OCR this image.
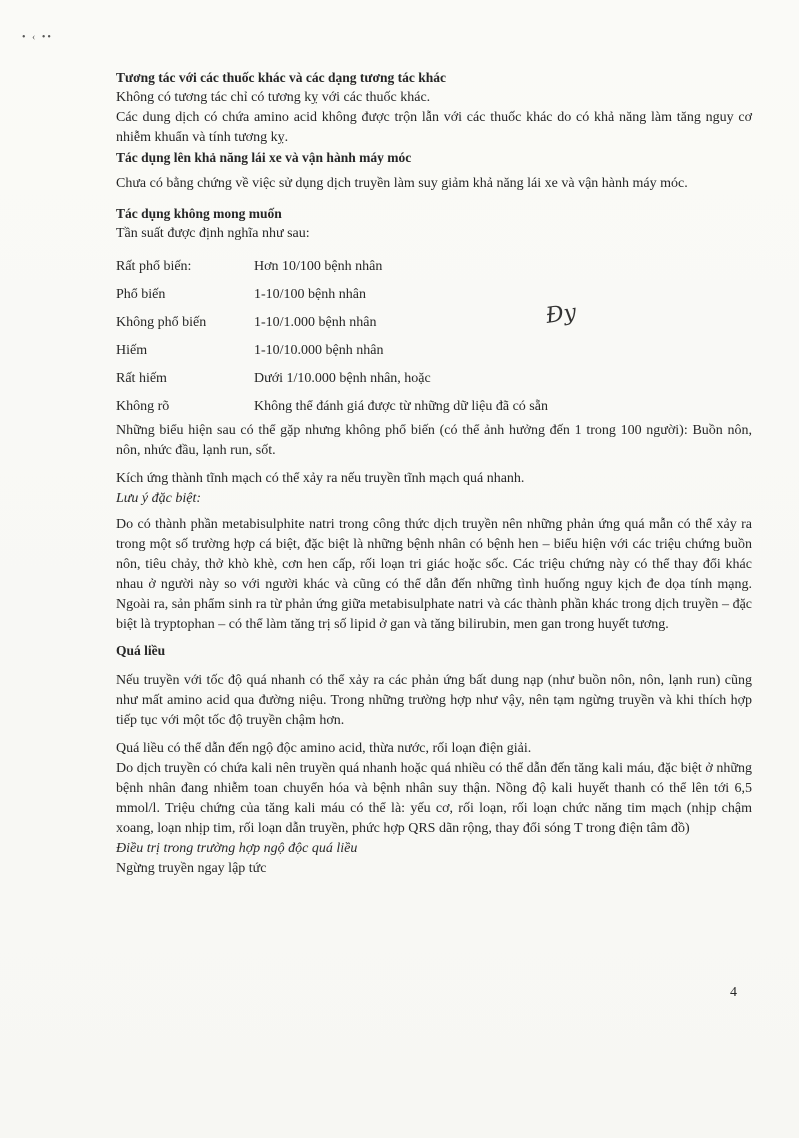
• ‹ ••
Đy

Tương tác với các thuốc khác và các dạng tương tác khác

Không có tương tác chỉ có tương kỵ với các thuốc khác.

Các dung dịch có chứa amino acid không được trộn lẫn với các thuốc khác do có khả năng làm tăng nguy cơ nhiễm khuẩn và tính tương kỵ.

Tác dụng lên khả năng lái xe và vận hành máy móc

Chưa có bằng chứng về việc sử dụng dịch truyền làm suy giảm khả năng lái xe và vận hành máy móc.

Tác dụng không mong muốn

Tần suất được định nghĩa như sau:

Rất phổ biến:	Hơn 10/100 bệnh nhân
Phổ biến	1-10/100 bệnh nhân
Không phổ biến	1-10/1.000 bệnh nhân
Hiếm	1-10/10.000 bệnh nhân
Rất hiếm	Dưới 1/10.000 bệnh nhân, hoặc
Không rõ	Không thể đánh giá được từ những dữ liệu đã có sẵn

Những biểu hiện sau có thể gặp nhưng không phổ biến (có thể ảnh hưởng đến 1 trong 100 người): Buồn nôn, nôn, nhức đầu, lạnh run, sốt.

Kích ứng thành tĩnh mạch có thể xảy ra nếu truyền tĩnh mạch quá nhanh.

Lưu ý đặc biệt:

Do có thành phần metabisulphite natri trong công thức dịch truyền nên những phản ứng quá mẫn có thể xảy ra trong một số trường hợp cá biệt, đặc biệt là những bệnh nhân có bệnh hen – biểu hiện với các triệu chứng buồn nôn, tiêu chảy, thở khò khè, cơn hen cấp, rối loạn tri giác hoặc sốc. Các triệu chứng này có thể thay đổi khác nhau ở người này so với người khác và cũng có thể dẫn đến những tình huống nguy kịch đe dọa tính mạng. Ngoài ra, sản phẩm sinh ra từ phản ứng giữa metabisulphate natri và các thành phần khác trong dịch truyền – đặc biệt là tryptophan – có thể làm tăng trị số lipid ở gan và tăng bilirubin, men gan trong huyết tương.

Quá liều

Nếu truyền với tốc độ quá nhanh có thể xảy ra các phản ứng bất dung nạp (như buồn nôn, nôn, lạnh run) cũng như mất amino acid qua đường niệu. Trong những trường hợp như vậy, nên tạm ngừng truyền và khi thích hợp tiếp tục với một tốc độ truyền chậm hơn.

Quá liều có thể dẫn đến ngộ độc amino acid, thừa nước, rối loạn điện giải.

Do dịch truyền có chứa kali nên truyền quá nhanh hoặc quá nhiều có thể dẫn đến tăng kali máu, đặc biệt ở những bệnh nhân đang nhiễm toan chuyển hóa và bệnh nhân suy thận. Nồng độ kali huyết thanh có thể lên tới 6,5 mmol/l. Triệu chứng của tăng kali máu có thể là: yếu cơ, rối loạn, rối loạn chức năng tim mạch (nhịp chậm xoang, loạn nhịp tim, rối loạn dẫn truyền, phức hợp QRS dãn rộng, thay đổi sóng T trong điện tâm đồ)

Điều trị trong trường hợp ngộ độc quá liều

Ngừng truyền ngay lập tức

4
